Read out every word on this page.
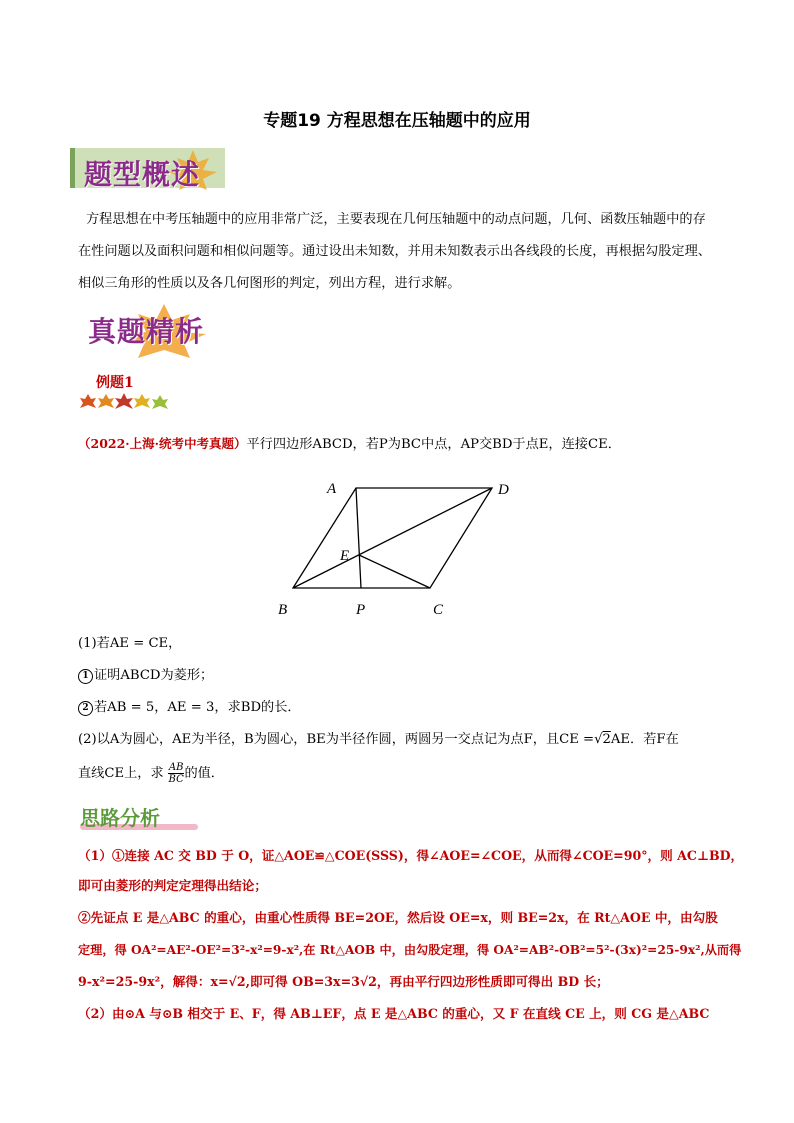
专题19 方程思想在压轴题中的应用
题型概述
方程思想在中考压轴题中的应用非常广泛，主要表现在几何压轴题中的动点问题，几何、函数压轴题中的存在性问题以及面积问题和相似问题等。通过设出未知数，并用未知数表示出各线段的长度，再根据勾股定理、相似三角形的性质以及各几何图形的判定，列出方程，进行求解。
真题精析
例题1
（2022·上海·统考中考真题）平行四边形ABCD，若P为BC中点，AP交BD于点E，连接CE．
A	D
E
B	P	C
(1)若AE = CE，
1 证明ABCD为菱形；
2 若AB = 5，AE = 3，求BD的长．
(2)以A为圆心，AE为半径，B为圆心，BE为半径作圆，两圆另一交点记为点F，且CE =√2AE．若F在
直线CE上，求 $\frac{AB}{BC}$ 的值．
思路分析
（1）①连接 AC 交 BD 于 O，证△AOE≌△COE(SSS)，得∠AOE=∠COE，从而得∠COE=90°，则 AC⊥BD，
即可由菱形的判定定理得出结论；
②先证点 E 是△ABC 的重心，由重心性质得 BE=2OE，然后设 OE=x，则 BE=2x，在 Rt△AOE 中，由勾股
定理，得 OA²=AE²-OE²=3²-x²=9-x²,在 Rt△AOB 中，由勾股定理，得 OA²=AB²-OB²=5²-(3x)²=25-9x²,从而得
9-x²=25-9x²，解得：x=√2,即可得 OB=3x=3√2，再由平行四边形性质即可得出 BD 长；
（2）由⊙A 与⊙B 相交于 E、F，得 AB⊥EF，点 E 是△ABC 的重心，又 F 在直线 CE 上，则 CG 是△ABC
